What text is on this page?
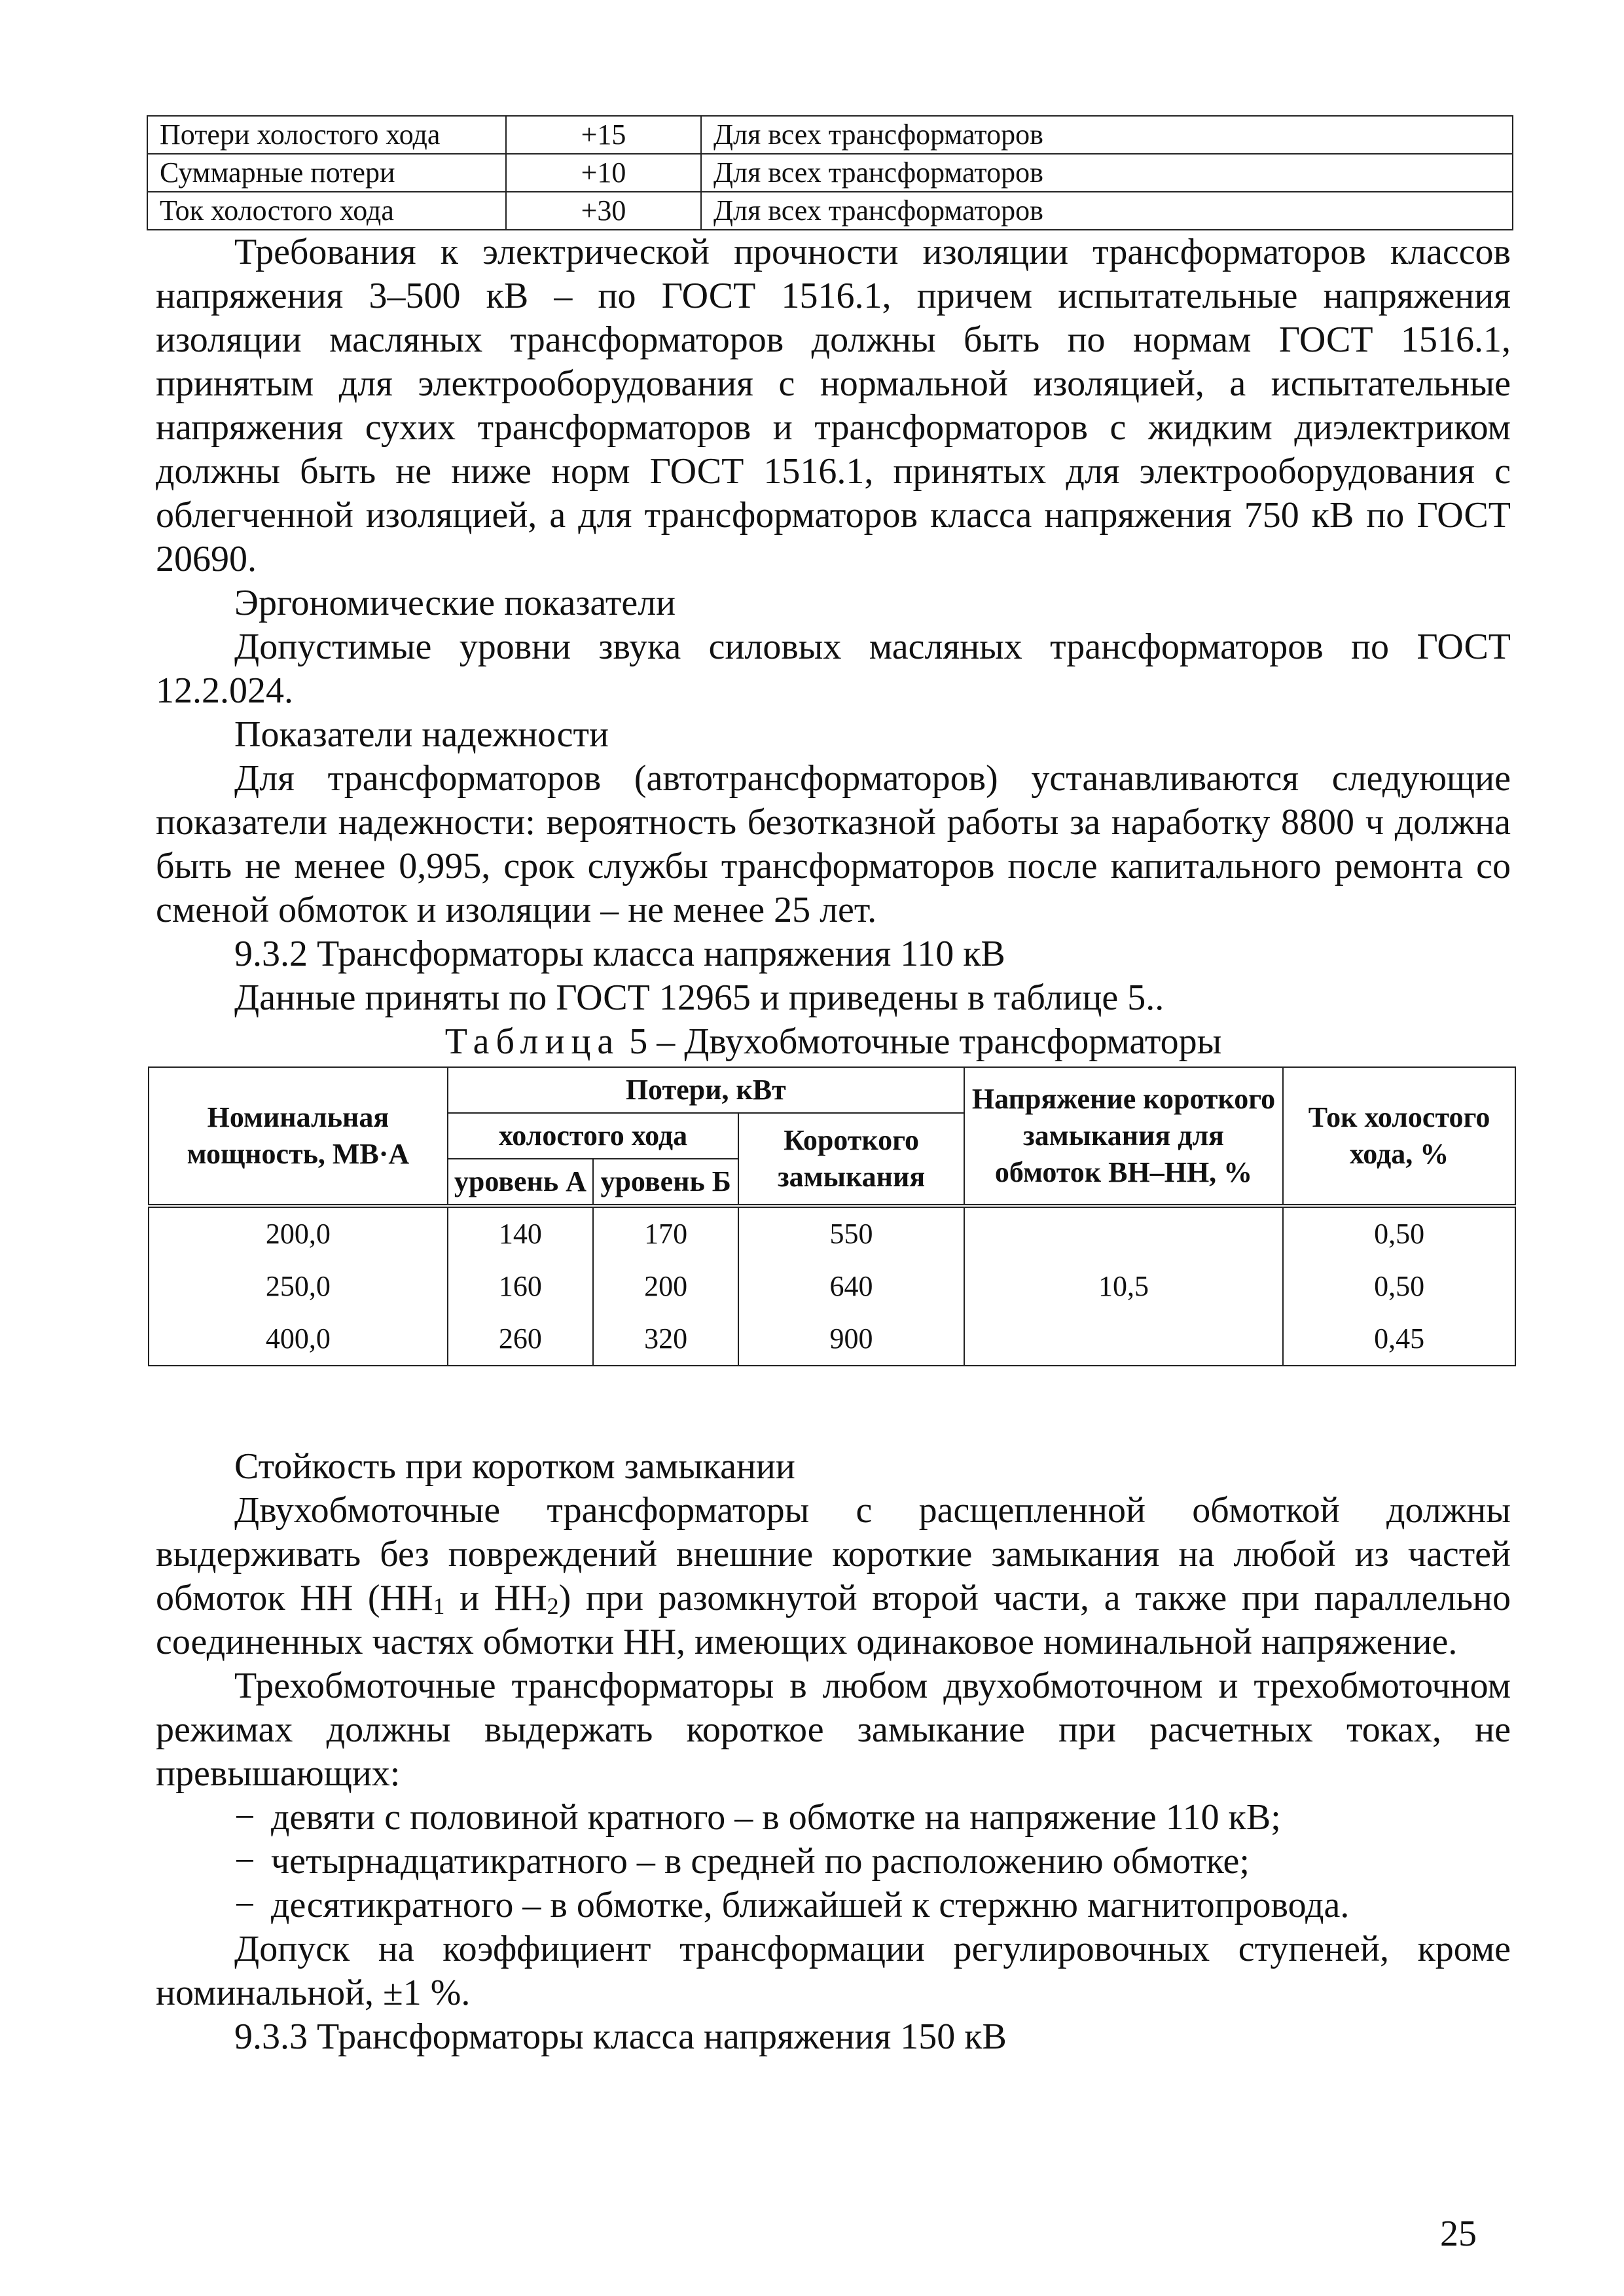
Потери холостого хода	+15	Для всех трансформаторов
Суммарные потери	+10	Для всех трансформаторов
Ток холостого хода	+30	Для всех трансформаторов

Требования к электрической прочности изоляции трансформаторов классов напряжения 3–500 кВ – по ГОСТ 1516.1, причем испытательные напряжения изоляции масляных трансформаторов должны быть по нормам ГОСТ 1516.1, принятым для электрооборудования с нормальной изоляцией, а испытательные напряжения сухих трансформаторов и трансформаторов с жидким диэлектриком должны быть не ниже норм ГОСТ 1516.1, принятых для электрооборудования с облегченной изоляцией, а для трансформаторов класса напряжения 750 кВ по ГОСТ 20690.

Эргономические показатели

Допустимые уровни звука силовых масляных трансформаторов по ГОСТ 12.2.024.

Показатели надежности

Для трансформаторов (автотрансформаторов) устанавливаются следующие показатели надежности: вероятность безотказной работы за наработку 8800 ч должна быть не менее 0,995, срок службы трансформаторов после капитального ремонта со сменой обмоток и изоляции – не менее 25 лет.

9.3.2 Трансформаторы класса напряжения 110 кВ

Данные приняты по ГОСТ 12965 и приведены в таблице 5..

Таблица 5 – Двухобмоточные трансформаторы

Номинальная мощность, МВ·А	Потери, кВт			Напряжение короткого замыкания для обмоток ВН–НН, %	Ток холостого хода, %
	холостого хода		Короткого замыкания		
	уровень А	уровень Б			
200,0	140	170	550	10,5	0,50
250,0	160	200	640		0,50
400,0	260	320	900		0,45

Стойкость при коротком замыкании

Двухобмоточные трансформаторы с расщепленной обмоткой должны выдерживать без повреждений внешние короткие замыкания на любой из частей обмоток НН ($НН_1$ и $НН_2$) при разомкнутой второй части, а также при параллельно соединенных частях обмотки НН, имеющих одинаковое номинальной напряжение.

Трехобмоточные трансформаторы в любом двухобмоточном и трехобмоточном режимах должны выдержать короткое замыкание при расчетных токах, не превышающих:

− девяти с половиной кратного – в обмотке на напряжение 110 кВ;

− четырнадцатикратного – в средней по расположению обмотке;

− десятикратного – в обмотке, ближайшей к стержню магнитопровода.

Допуск на коэффициент трансформации регулировочных ступеней, кроме номинальной, ±1 %.

9.3.3 Трансформаторы класса напряжения 150 кВ

25
